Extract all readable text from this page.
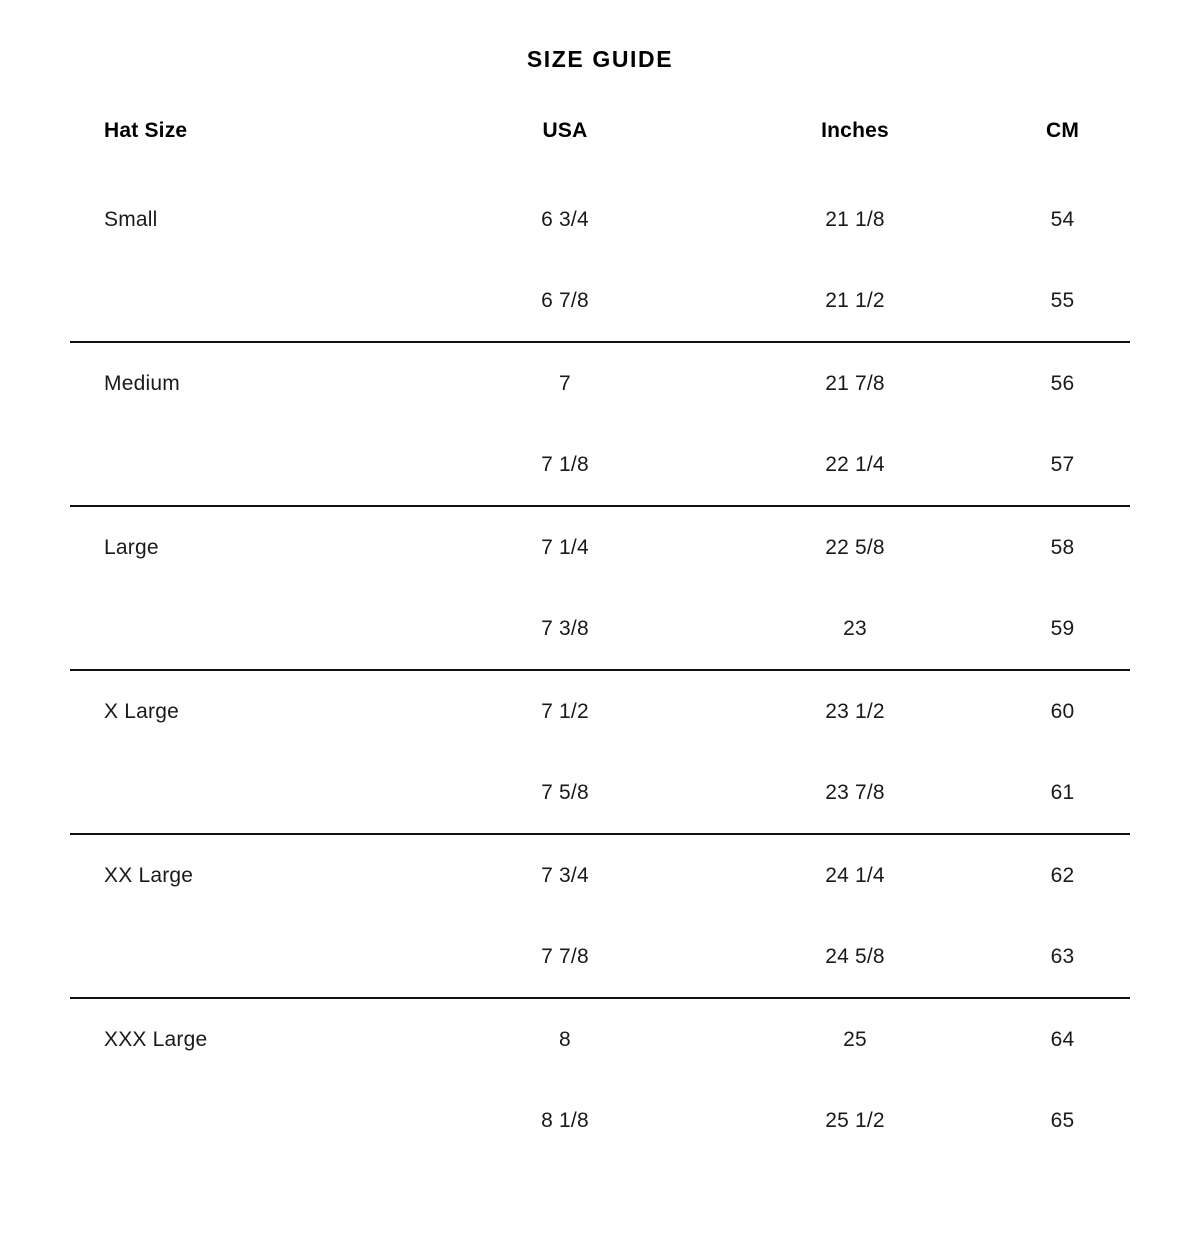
SIZE GUIDE
Hat Size	USA	Inches	CM
Small	6 3/4	21 1/8	54
	6 7/8	21 1/2	55
Medium	7	21 7/8	56
	7 1/8	22 1/4	57
Large	7 1/4	22 5/8	58
	7 3/8	23	59
X Large	7 1/2	23 1/2	60
	7 5/8	23 7/8	61
XX Large	7 3/4	24 1/4	62
	7 7/8	24 5/8	63
XXX Large	8	25	64
	8 1/8	25 1/2	65
